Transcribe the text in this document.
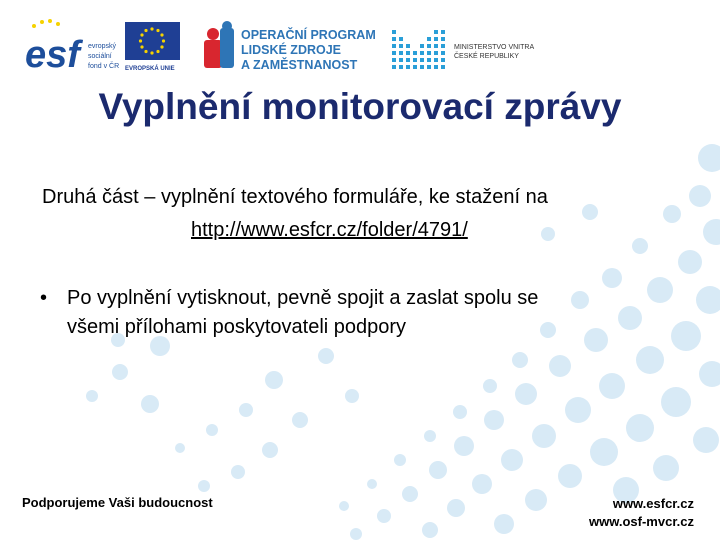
esf	evropský sociální fond v ČR EVROPSKÁ UNIE
OPERAČNÍ PROGRAM LIDSKÉ ZDROJE A ZAMĚSTNANOST
MINISTERSTVO VNITRA ČESKÉ REPUBLIKY
Vyplnění monitorovací zprávy
Druhá část – vyplnění textového formuláře, ke stažení na
http://www.esfcr.cz/folder/4791/
• Po vyplnění vytisknout, pevně spojit a zaslat spolu se
všemi přílohami poskytovateli podpory
Podporujeme Vaši budoucnost	www.esfcr.cz
www.osf-mvcr.cz
